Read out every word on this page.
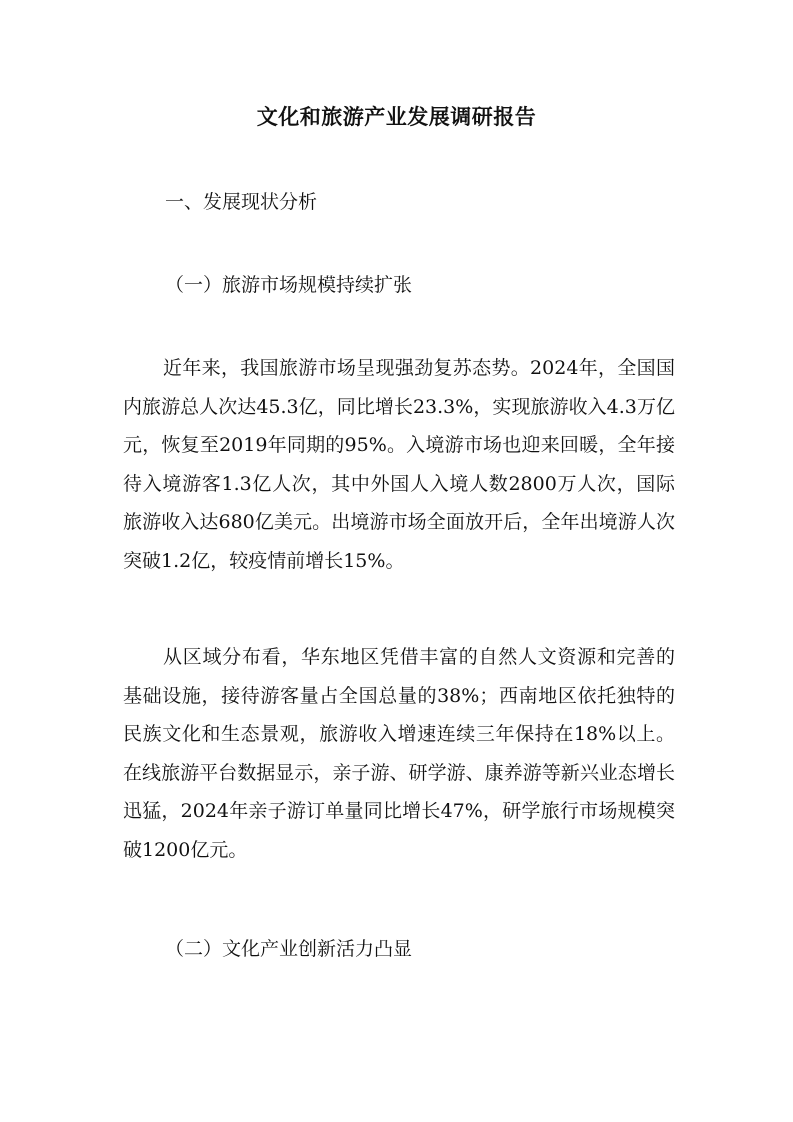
文化和旅游产业发展调研报告
一、发展现状分析
（一）旅游市场规模持续扩张

近年来，我国旅游市场呈现强劲复苏态势。2024年，全国国内旅游总人次达45.3亿，同比增长23.3%，实现旅游收入4.3万亿元，恢复至2019年同期的95%。入境游市场也迎来回暖，全年接待入境游客1.3亿人次，其中外国人入境人数2800万人次，国际旅游收入达680亿美元。出境游市场全面放开后，全年出境游人次突破1.2亿，较疫情前增长15%。

从区域分布看，华东地区凭借丰富的自然人文资源和完善的基础设施，接待游客量占全国总量的38%；西南地区依托独特的民族文化和生态景观，旅游收入增速连续三年保持在18%以上。在线旅游平台数据显示，亲子游、研学游、康养游等新兴业态增长迅猛，2024年亲子游订单量同比增长47%，研学旅行市场规模突破1200亿元。

（二）文化产业创新活力凸显
